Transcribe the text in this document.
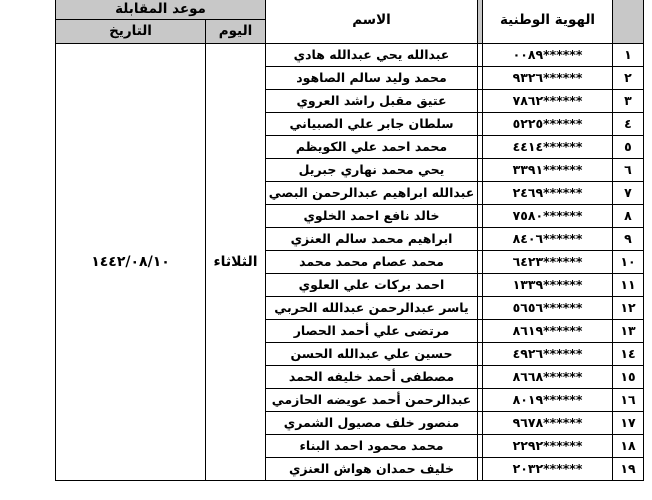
	الهوية الوطنية		الاسم	موعد المقابلة	
				اليوم	التاريخ
١	******٠٠٨٩		عبدالله يحي عبدالله هادي	الثلاثاء	١٤٤٢/٠٨/١٠
٢	******٩٣٢٦		محمد وليد سالم الصاهود		
٣	******٧٨٦٢		عتيق مقبل راشد العروي		
٤	******٥٢٢٥		سلطان جابر علي الصبياني		
٥	******٤٤١٤		محمد احمد علي الكويظم		
٦	******٣٣٩١		يحي محمد نهاري جبريل		
٧	******٢٤٦٩		عبدالله ابراهيم عبدالرحمن البصي		
٨	******٧٥٨٠		خالد نافع احمد الخلوي		
٩	******٨٤٠٦		ابراهيم محمد سالم العنزي		
١٠	******٦٤٢٣		محمد عصام محمد محمد		
١١	******١٣٣٩		احمد بركات علي العلوي		
١٢	******٥٦٥٦		ياسر عبدالرحمن عبدالله الحربي		
١٣	******٨٦١٩		مرتضى علي أحمد الحصار		
١٤	******٤٩٢٦		حسين علي عبدالله الحسن		
١٥	******٨٦٦٨		مصطفى أحمد خليفه الحمد		
١٦	******٨٠١٩		عبدالرحمن أحمد عويضه الحازمي		
١٧	******٩٦٧٨		منصور خلف مصيول الشمري		
١٨	******٢٢٩٢		محمد محمود احمد البناء		
١٩	******٢٠٣٢		خليف حمدان هواش العنزي		
